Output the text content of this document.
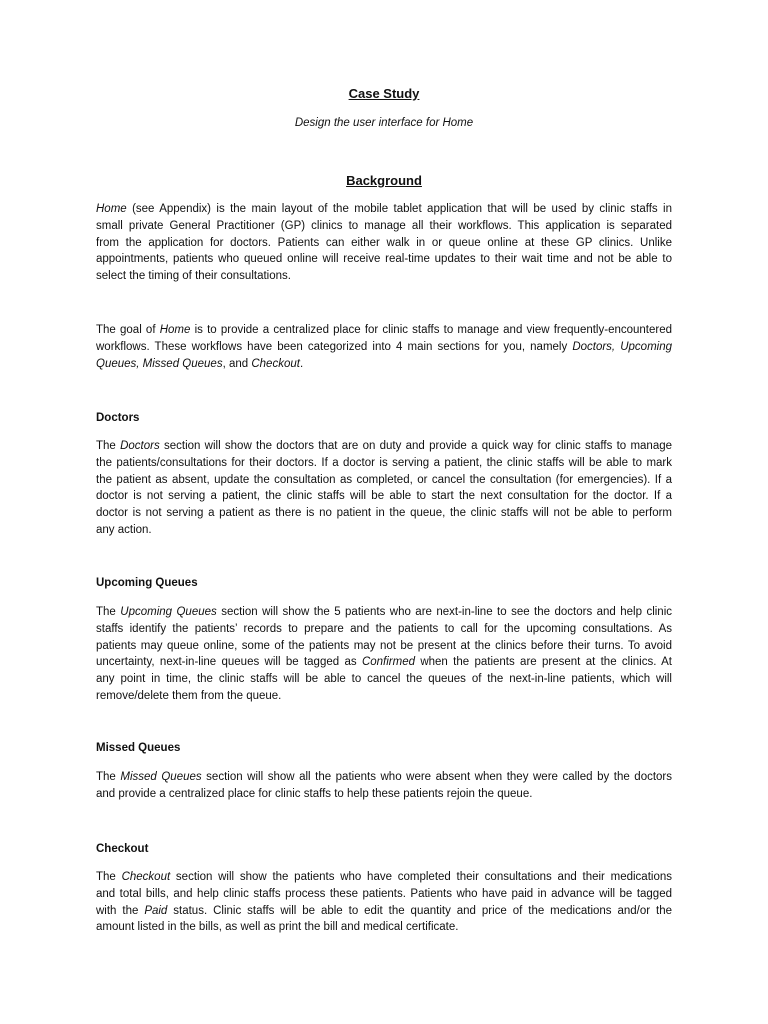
Case Study
Design the user interface for Home
Background
Home (see Appendix) is the main layout of the mobile tablet application that will be used by clinic staffs in
small private General Practitioner (GP) clinics to manage all their workflows. This application is separated
from the application for doctors. Patients can either walk in or queue online at these GP clinics. Unlike
appointments, patients who queued online will receive real-time updates to their wait time and not be able to
select the timing of their consultations.
The goal of Home is to provide a centralized place for clinic staffs to manage and view frequently-encountered
workflows. These workflows have been categorized into 4 main sections for you, namely Doctors, Upcoming
Queues, Missed Queues, and Checkout.
Doctors
The Doctors section will show the doctors that are on duty and provide a quick way for clinic staffs to manage
the patients/consultations for their doctors. If a doctor is serving a patient, the clinic staffs will be able to mark
the patient as absent, update the consultation as completed, or cancel the consultation (for emergencies). If a
doctor is not serving a patient, the clinic staffs will be able to start the next consultation for the doctor. If a
doctor is not serving a patient as there is no patient in the queue, the clinic staffs will not be able to perform
any action.
Upcoming Queues
The Upcoming Queues section will show the 5 patients who are next-in-line to see the doctors and help clinic
staffs identify the patients’ records to prepare and the patients to call for the upcoming consultations. As
patients may queue online, some of the patients may not be present at the clinics before their turns. To avoid
uncertainty, next-in-line queues will be tagged as Confirmed when the patients are present at the clinics. At
any point in time, the clinic staffs will be able to cancel the queues of the next-in-line patients, which will
remove/delete them from the queue.
Missed Queues
The Missed Queues section will show all the patients who were absent when they were called by the doctors
and provide a centralized place for clinic staffs to help these patients rejoin the queue.
Checkout
The Checkout section will show the patients who have completed their consultations and their medications
and total bills, and help clinic staffs process these patients. Patients who have paid in advance will be tagged
with the Paid status. Clinic staffs will be able to edit the quantity and price of the medications and/or the
amount listed in the bills, as well as print the bill and medical certificate.
